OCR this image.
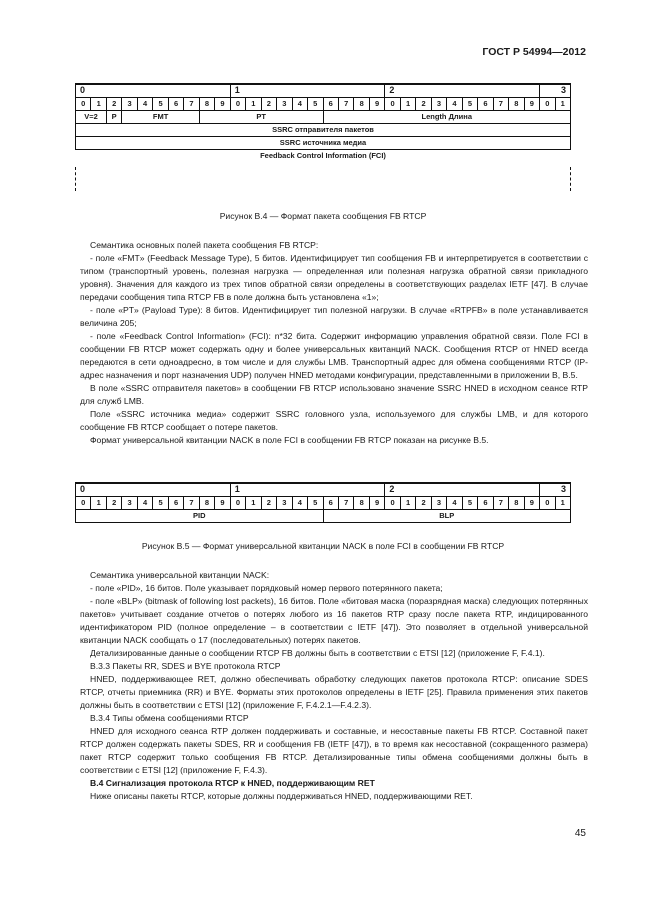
ГОСТ Р 54994—2012
0										1										2										3	
0	1	2	3	4	5	6	7	8	9	0	1	2	3	4	5	6	7	8	9	0	1	2	3	4	5	6	7	8	9	0	1
V=2		P	FMT					PT								Length Длина															
SSRC отправителя пакетов																															
SSRC источника медиа																															
Feedback Control Information (FCI)																															
Рисунок В.4 — Формат пакета сообщения FB RTCP

Семантика основных полей пакета сообщения FB RTCP:

- поле «FMT» (Feedback Message Type), 5 битов. Идентифицирует тип сообщения FB и интерпретируется в соответствии с типом (транспортный уровень, полезная нагрузка — определенная или полезная нагрузка обратной связи прикладного уровня). Значения для каждого из трех типов обратной связи определены в соответствующих разделах IETF [47]. В случае передачи сообщения типа RTCP FB в поле должна быть установлена «1»;

- поле «PT» (Payload Type): 8 битов. Идентифицирует тип полезной нагрузки. В случае «RTPFB» в поле устанавливается величина 205;

- поле «Feedback Control Information» (FCI): n*32 бита. Содержит информацию управления обратной связи. Поле FCI в сообщении FB RTCP может содержать одну и более универсальных квитанций NACK. Сообщения RTCP от HNED всегда передаются в сети одноадресно, в том числе и для службы LMB. Транспортный адрес для обмена сообщениями RTCP (IP-адрес назначения и порт назначения UDP) получен HNED методами конфигурации, представленными в приложении В, В.5.

В поле «SSRC отправителя пакетов» в сообщении FB RTCP использовано значение SSRC HNED в исходном сеансе RTP для служб LMB.

Поле «SSRC источника медиа» содержит SSRC головного узла, используемого для службы LMB, и для которого сообщение FB RTCP сообщает о потере пакетов.

Формат универсальной квитанции NACK в поле FCI в сообщении FB RTCP показан на рисунке В.5.

0										1										2										3	
0	1	2	3	4	5	6	7	8	9	0	1	2	3	4	5	6	7	8	9	0	1	2	3	4	5	6	7	8	9	0	1
PID																BLP															
Рисунок В.5 — Формат универсальной квитанции NACK в поле FCI в сообщении FB RTCP

Семантика универсальной квитанции NACK:

- поле «PID», 16 битов. Поле указывает порядковый номер первого потерянного пакета;

- поле «BLP» (bitmask of following lost packets), 16 битов. Поле «битовая маска (поразрядная маска) следующих потерянных пакетов» учитывает создание отчетов о потерях любого из 16 пакетов RTP сразу после пакета RTP, индицированного идентификатором PID (полное определение – в соответствии с IETF [47]). Это позволяет в отдельной универсальной квитанции NACK сообщать о 17 (последовательных) потерях пакетов.

Детализированные данные о сообщении RTCP FB должны быть в соответствии с ETSI [12] (приложение F, F.4.1).

В.3.3 Пакеты RR, SDES и BYE протокола RTCP

HNED, поддерживающее RET, должно обеспечивать обработку следующих пакетов протокола RTCP: описание SDES RTCP, отчеты приемника (RR) и BYE. Форматы этих протоколов определены в IETF [25]. Правила применения этих пакетов должны быть в соответствии с ETSI [12] (приложение F, F.4.2.1—F.4.2.3).

В.3.4 Типы обмена сообщениями RTCP

HNED для исходного сеанса RTP должен поддерживать и составные, и несоставные пакеты FB RTCP. Составной пакет RTCP должен содержать пакеты SDES, RR и сообщения FB (IETF [47]), в то время как несоставной (сокращенного размера) пакет RTCP содержит только сообщения FB RTCP. Детализированные типы обмена сообщениями должны быть в соответствии с ETSI [12] (приложение F, F.4.3).

В.4 Сигнализация протокола RTCP к HNED, поддерживающим RET

Ниже описаны пакеты RTCP, которые должны поддерживаться HNED, поддерживающими RET.

45
